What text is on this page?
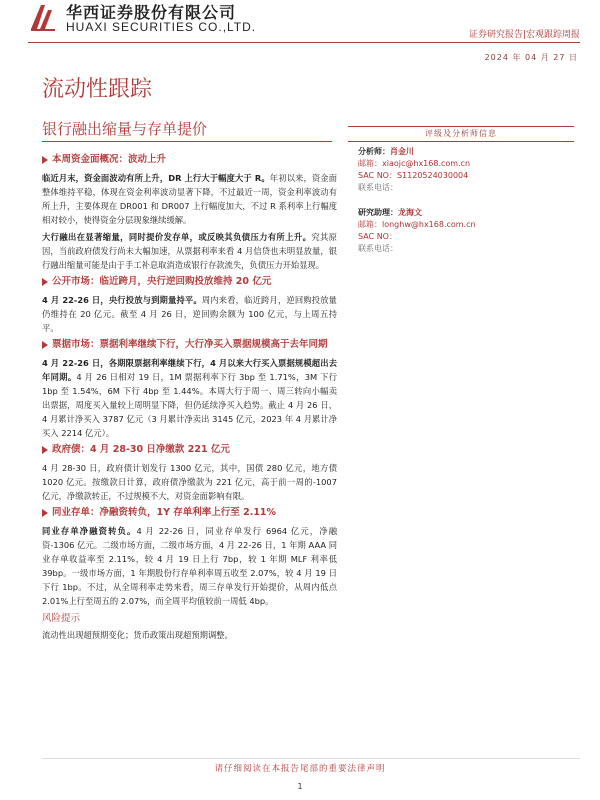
华西证券股份有限公司
HUAXI SECURITIES CO.,LTD.
证券研究报告|宏观跟踪周报
2024 年 04 月 27 日
流动性跟踪
银行融出缩量与存单提价	评级及分析师信息
分析师：肖金川
邮箱：xiaojc@hx168.com.cn
SAC NO：S1120524030004
联系电话：
研究助理：龙海文
邮箱：longhw@hx168.com.cn
SAC NO：
联系电话：
本周资金面概况：波动上升

临近月末，资金面波动有所上升，DR 上行大于幅度大于 R。年初以来，资金面整体维持平稳，体现在资金利率波动显著下降，不过最近一周，资金利率波动有所上升，主要体现在 DR001 和 DR007 上行幅度加大，不过 R 系利率上行幅度相对较小，使得资金分层现象继续缓解。

大行融出在显著缩量，同时提价发存单，或反映其负债压力有所上升。究其原因，当前政府债发行尚未大幅加速，从票据利率来看 4 月信贷也未明显放量，银行融出缩量可能是由于手工补息取消造成银行存款流失，负债压力开始显现。

公开市场：临近跨月，央行逆回购投放维持 20 亿元

4 月 22-26 日，央行投放与到期量持平。周内来看，临近跨月，逆回购投放量仍维持在 20 亿元。截至 4 月 26 日，逆回购余额为 100 亿元，与上周五持平。

票据市场：票据利率继续下行，大行净买入票据规模高于去年同期

4 月 22-26 日，各期限票据利率继续下行，4 月以来大行买入票据规模超出去年同期。4 月 26 日相对 19 日，1M 票据利率下行 3bp 至 1.71%，3M 下行 1bp 至 1.54%，6M 下行 4bp 至 1.44%。本周大行于周一、周三转向小幅卖出票据，周度买入量较上周明显下降，但仍延续净买入趋势。截止 4 月 26 日，4 月累计净买入 3787 亿元（3 月累计净卖出 3145 亿元，2023 年 4 月累计净买入 2214 亿元）。

政府债：4 月 28-30 日净缴款 221 亿元

4 月 28-30 日，政府债计划发行 1300 亿元，其中，国债 280 亿元，地方债 1020 亿元。按缴款日计算，政府债净缴款为 221 亿元，高于前一周的-1007 亿元，净缴款转正，不过规模不大，对资金面影响有限。

同业存单：净融资转负，1Y 存单利率上行至 2.11%

同业存单净融资转负。4 月 22-26 日，同业存单发行 6964 亿元，净融资-1306 亿元。二级市场方面，二级市场方面，4 月 22-26 日，1 年期 AAA 同业存单收益率至 2.11%，较 4 月 19 日上行 7bp，较 1 年期 MLF 利率低 39bp。一级市场方面，1 年期股份行存单利率周五收至 2.07%，较 4 月 19 日下行 1bp。不过，从全周利率走势来看，周三存单发行开始提价，从周内低点 2.01%上行至周五的 2.07%，而全周平均值较前一周低 4bp。

风险提示

流动性出现超预期变化；货币政策出现超预期调整。

请仔细阅读在本报告尾部的重要法律声明
1
